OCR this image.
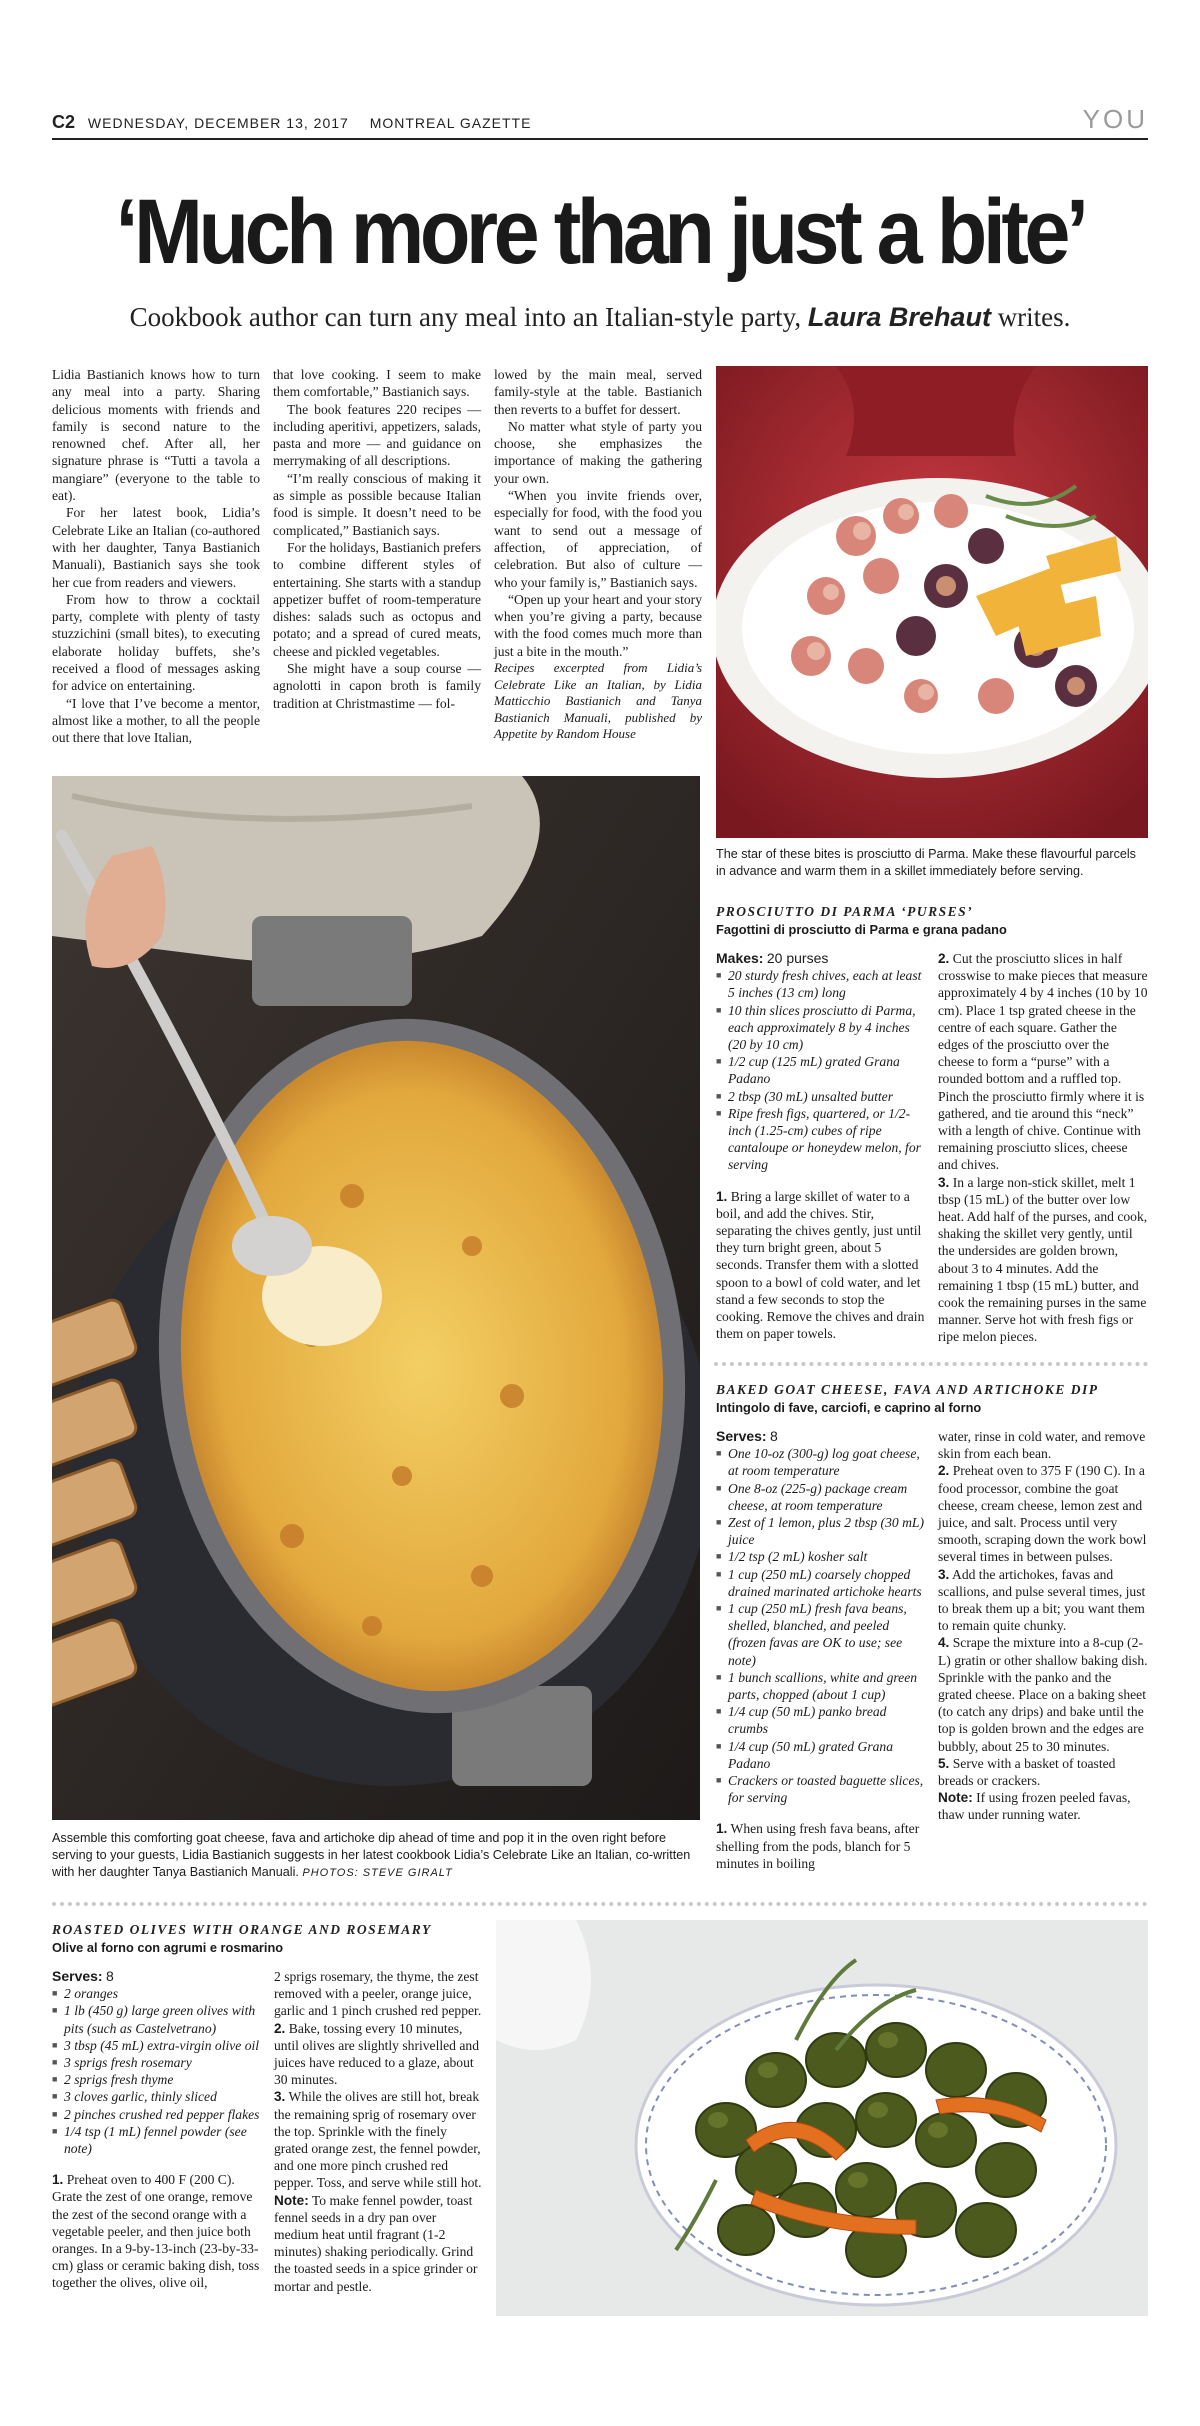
C2 WEDNESDAY, DECEMBER 13, 2017 MONTREAL GAZETTE	YOU
‘Much more than just a bite’
Cookbook author can turn any meal into an Italian-style party, Laura Brehaut writes.

Lidia Bastianich knows how to turn any meal into a party. Sharing delicious moments with friends and family is second nature to the renowned chef. After all, her signature phrase is “Tutti a tavola a mangiare” (everyone to the table to eat).

For her latest book, Lidia’s Celebrate Like an Italian (co-authored with her daughter, Tanya Bastianich Manuali), Bastianich says she took her cue from readers and viewers.

From how to throw a cocktail party, complete with plenty of tasty stuzzichini (small bites), to executing elaborate holiday buffets, she’s received a flood of messages asking for advice on entertaining.

“I love that I’ve become a mentor, almost like a mother, to all the people out there that love Italian,

that love cooking. I seem to make them comfortable,” Bastianich says.

The book features 220 recipes — including aperitivi, appetizers, salads, pasta and more — and guidance on merrymaking of all descriptions.

“I’m really conscious of making it as simple as possible because Italian food is simple. It doesn’t need to be complicated,” Bastianich says.

For the holidays, Bastianich prefers to combine different styles of entertaining. She starts with a standup appetizer buffet of room-temperature dishes: salads such as octopus and potato; and a spread of cured meats, cheese and pickled vegetables.

She might have a soup course — agnolotti in capon broth is family tradition at Christmastime — fol-

lowed by the main meal, served family-style at the table. Bastianich then reverts to a buffet for dessert.

No matter what style of party you choose, she emphasizes the importance of making the gathering your own.

“When you invite friends over, especially for food, with the food you want to send out a message of affection, of appreciation, of celebration. But also of culture — who your family is,” Bastianich says.

“Open up your heart and your story when you’re giving a party, because with the food comes much more than just a bite in the mouth.”

Recipes excerpted from Lidia’s Celebrate Like an Italian, by Lidia Matticchio Bastianich and Tanya Bastianich Manuali, published by Appetite by Random House

The star of these bites is prosciutto di Parma. Make these flavourful parcels in advance and warm them in a skillet immediately before serving.
Assemble this comforting goat cheese, fava and artichoke dip ahead of time and pop it in the oven right before serving to your guests, Lidia Bastianich suggests in her latest cookbook Lidia’s Celebrate Like an Italian, co-written with her daughter Tanya Bastianich Manuali. PHOTOS: STEVE GIRALT
PROSCIUTTO DI PARMA ‘PURSES’
Fagottini di prosciutto di Parma e grana padano
Makes: 20 purses
■ 20 sturdy fresh chives, each at least 5 inches (13 cm) long
■ 10 thin slices prosciutto di Parma, each approximately 8 by 4 inches (20 by 10 cm)
■ 1/2 cup (125 mL) grated Grana Padano
■ 2 tbsp (30 mL) unsalted butter
■ Ripe fresh figs, quartered, or 1/2-inch (1.25-cm) cubes of ripe cantaloupe or honeydew melon, for serving

1. Bring a large skillet of water to a boil, and add the chives. Stir, separating the chives gently, just until they turn bright green, about 5 seconds. Transfer them with a slotted spoon to a bowl of cold water, and let stand a few seconds to stop the cooking. Remove the chives and drain them on paper towels.

2. Cut the prosciutto slices in half crosswise to make pieces that measure approximately 4 by 4 inches (10 by 10 cm). Place 1 tsp grated cheese in the centre of each square. Gather the edges of the prosciutto over the cheese to form a “purse” with a rounded bottom and a ruffled top. Pinch the prosciutto firmly where it is gathered, and tie around this “neck” with a length of chive. Continue with remaining prosciutto slices, cheese and chives.

3. In a large non-stick skillet, melt 1 tbsp (15 mL) of the butter over low heat. Add half of the purses, and cook, shaking the skillet very gently, until the undersides are golden brown, about 3 to 4 minutes. Add the remaining 1 tbsp (15 mL) butter, and cook the remaining purses in the same manner. Serve hot with fresh figs or ripe melon pieces.

BAKED GOAT CHEESE, FAVA AND ARTICHOKE DIP
Intingolo di fave, carciofi, e caprino al forno
Serves: 8
■ One 10-oz (300-g) log goat cheese, at room temperature
■ One 8-oz (225-g) package cream cheese, at room temperature
■ Zest of 1 lemon, plus 2 tbsp (30 mL) juice
■ 1/2 tsp (2 mL) kosher salt
■ 1 cup (250 mL) coarsely chopped drained marinated artichoke hearts
■ 1 cup (250 mL) fresh fava beans, shelled, blanched, and peeled (frozen favas are OK to use; see note)
■ 1 bunch scallions, white and green parts, chopped (about 1 cup)
■ 1/4 cup (50 mL) panko bread crumbs
■ 1/4 cup (50 mL) grated Grana Padano
■ Crackers or toasted baguette slices, for serving

1. When using fresh fava beans, after shelling from the pods, blanch for 5 minutes in boiling

water, rinse in cold water, and remove skin from each bean.

2. Preheat oven to 375 F (190 C). In a food processor, combine the goat cheese, cream cheese, lemon zest and juice, and salt. Process until very smooth, scraping down the work bowl several times in between pulses.

3. Add the artichokes, favas and scallions, and pulse several times, just to break them up a bit; you want them to remain quite chunky.

4. Scrape the mixture into a 8-cup (2-L) gratin or other shallow baking dish. Sprinkle with the panko and the grated cheese. Place on a baking sheet (to catch any drips) and bake until the top is golden brown and the edges are bubbly, about 25 to 30 minutes.

5. Serve with a basket of toasted breads or crackers.

Note: If using frozen peeled favas, thaw under running water.

ROASTED OLIVES WITH ORANGE AND ROSEMARY
Olive al forno con agrumi e rosmarino
Serves: 8
■ 2 oranges
■ 1 lb (450 g) large green olives with pits (such as Castelvetrano)
■ 3 tbsp (45 mL) extra-virgin olive oil
■ 3 sprigs fresh rosemary
■ 2 sprigs fresh thyme
■ 3 cloves garlic, thinly sliced
■ 2 pinches crushed red pepper flakes
■ 1/4 tsp (1 mL) fennel powder (see note)

1. Preheat oven to 400 F (200 C). Grate the zest of one orange, remove the zest of the second orange with a vegetable peeler, and then juice both oranges. In a 9-by-13-inch (23-by-33-cm) glass or ceramic baking dish, toss together the olives, olive oil,

2 sprigs rosemary, the thyme, the zest removed with a peeler, orange juice, garlic and 1 pinch crushed red pepper.

2. Bake, tossing every 10 minutes, until olives are slightly shrivelled and juices have reduced to a glaze, about 30 minutes.

3. While the olives are still hot, break the remaining sprig of rosemary over the top. Sprinkle with the finely grated orange zest, the fennel powder, and one more pinch crushed red pepper. Toss, and serve while still hot.

Note: To make fennel powder, toast fennel seeds in a dry pan over medium heat until fragrant (1-2 minutes) shaking periodically. Grind the toasted seeds in a spice grinder or mortar and pestle.
